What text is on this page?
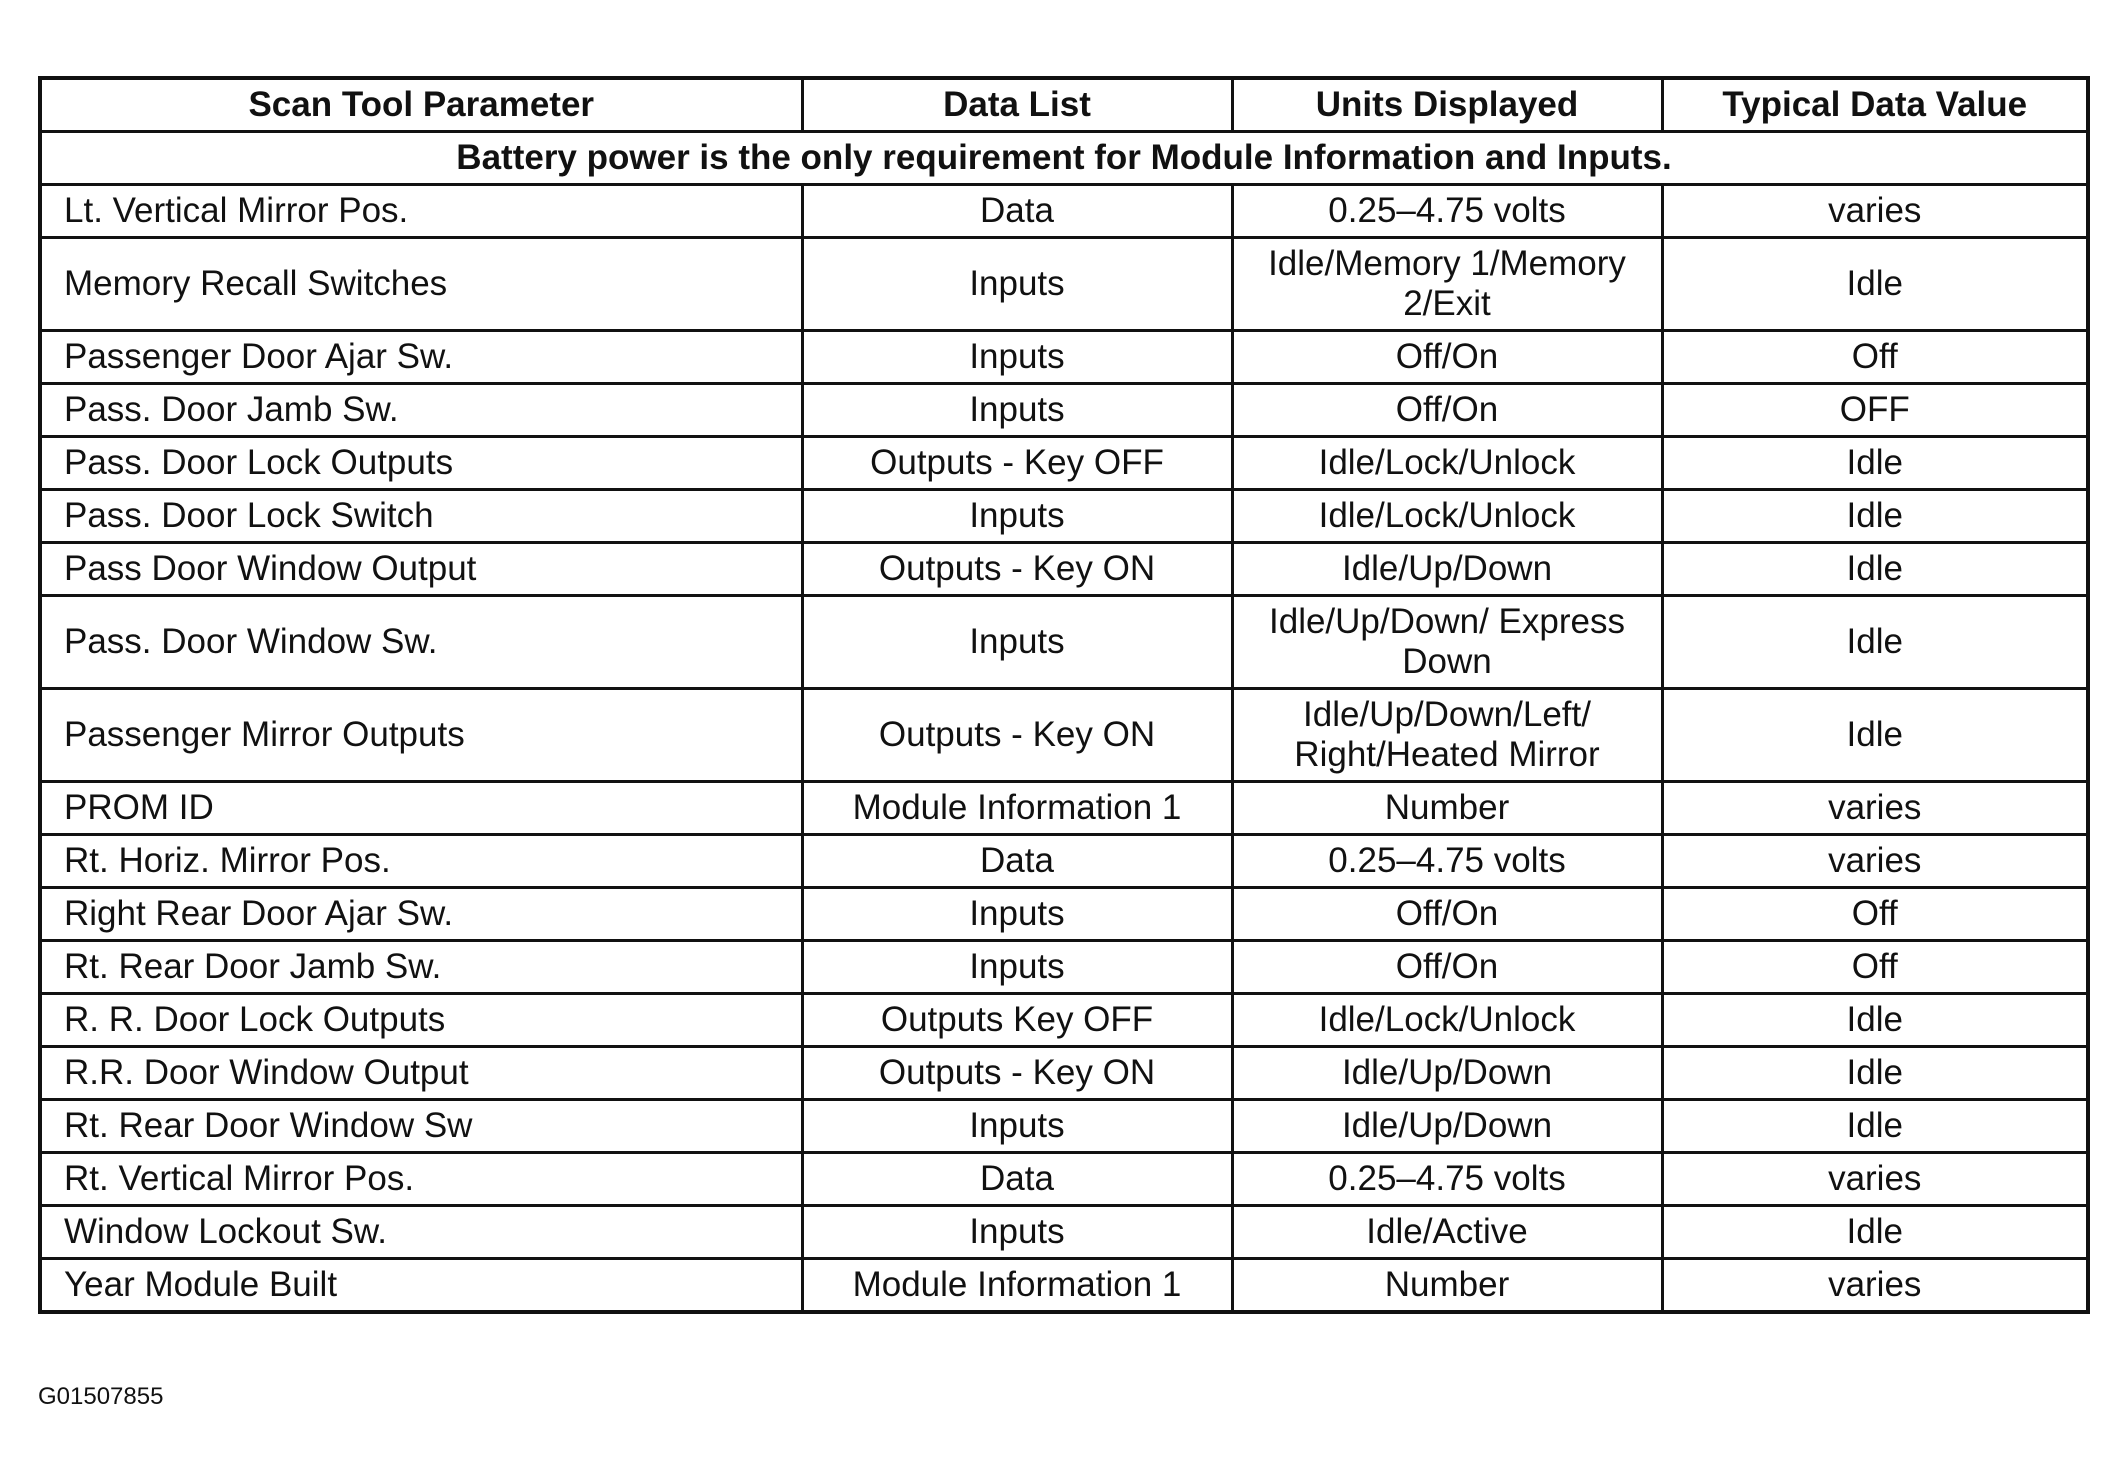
Scan Tool Parameter	Data List	Units Displayed	Typical Data Value
Battery power is the only requirement for Module Information and Inputs.			
Lt. Vertical Mirror Pos.	Data	0.25–4.75 volts	varies
Memory Recall Switches	Inputs	Idle/Memory 1/Memory 2/Exit	Idle
Passenger Door Ajar Sw.	Inputs	Off/On	Off
Pass. Door Jamb Sw.	Inputs	Off/On	OFF
Pass. Door Lock Outputs	Outputs - Key OFF	Idle/Lock/Unlock	Idle
Pass. Door Lock Switch	Inputs	Idle/Lock/Unlock	Idle
Pass Door Window Output	Outputs - Key ON	Idle/Up/Down	Idle
Pass. Door Window Sw.	Inputs	Idle/Up/Down/ Express Down	Idle
Passenger Mirror Outputs	Outputs - Key ON	Idle/Up/Down/Left/ Right/Heated Mirror	Idle
PROM ID	Module Information 1	Number	varies
Rt. Horiz. Mirror Pos.	Data	0.25–4.75 volts	varies
Right Rear Door Ajar Sw.	Inputs	Off/On	Off
Rt. Rear Door Jamb Sw.	Inputs	Off/On	Off
R. R. Door Lock Outputs	Outputs Key OFF	Idle/Lock/Unlock	Idle
R.R. Door Window Output	Outputs - Key ON	Idle/Up/Down	Idle
Rt. Rear Door Window Sw	Inputs	Idle/Up/Down	Idle
Rt. Vertical Mirror Pos.	Data	0.25–4.75 volts	varies
Window Lockout Sw.	Inputs	Idle/Active	Idle
Year Module Built	Module Information 1	Number	varies
G01507855
